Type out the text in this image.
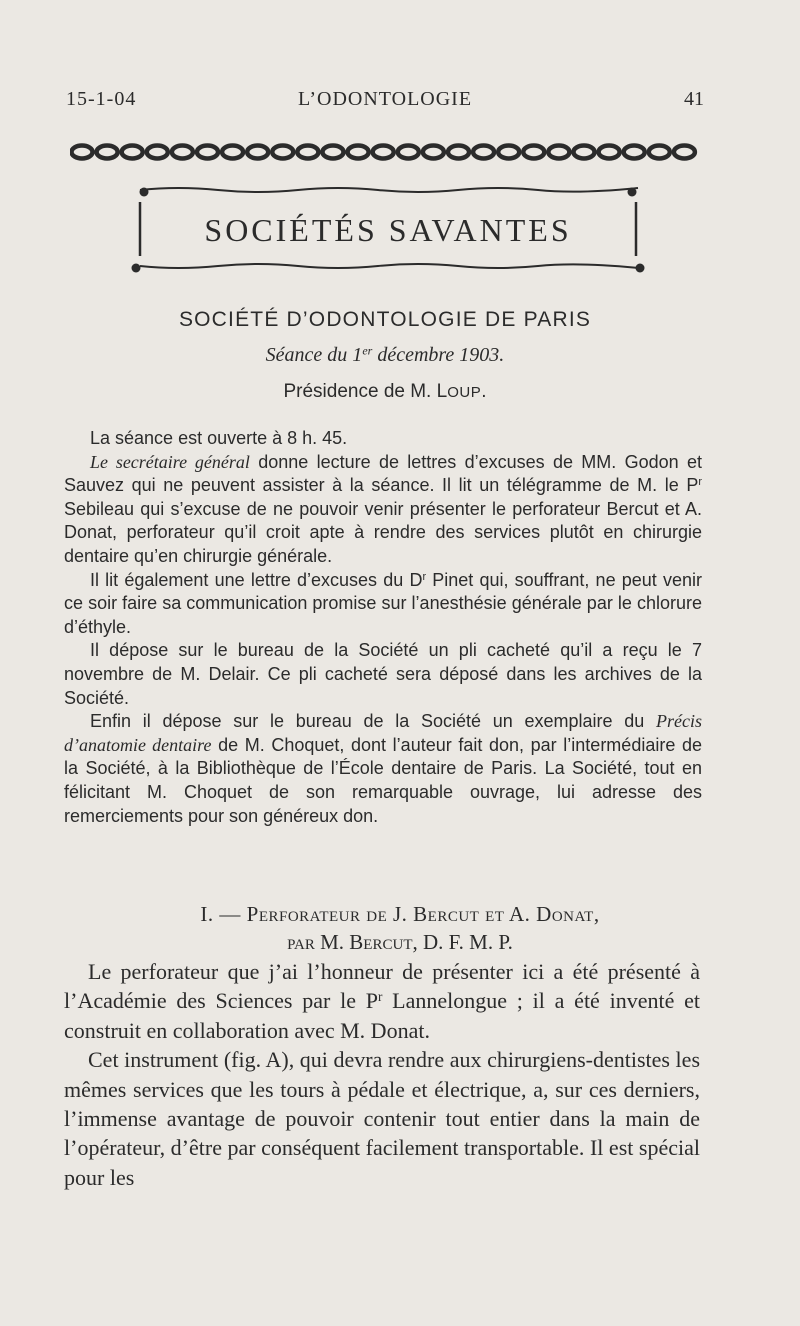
15-1-04	L’ODONTOLOGIE	41
SOCIÉTÉS SAVANTES
SOCIÉTÉ D’ODONTOLOGIE DE PARIS
Séance du 1er décembre 1903.
Présidence de M. LOUP.

La séance est ouverte à 8 h. 45.

Le secrétaire général donne lecture de lettres d’excuses de MM. Godon et Sauvez qui ne peuvent assister à la séance. Il lit un télégramme de M. le $P^r$ Sebileau qui s’excuse de ne pouvoir venir présenter le perforateur Bercut et A. Donat, perforateur qu’il croit apte à rendre des services plutôt en chirurgie dentaire qu’en chirurgie générale.

Il lit également une lettre d’excuses du $D^r$ Pinet qui, souffrant, ne peut venir ce soir faire sa communication promise sur l’anesthésie générale par le chlorure d’éthyle.

Il dépose sur le bureau de la Société un pli cacheté qu’il a reçu le 7 novembre de M. Delair. Ce pli cacheté sera déposé dans les archives de la Société.

Enfin il dépose sur le bureau de la Société un exemplaire du Précis d’anatomie dentaire de M. Choquet, dont l’auteur fait don, par l’intermédiaire de la Société, à la Bibliothèque de l’École dentaire de Paris. La Société, tout en félicitant M. Choquet de son remarquable ouvrage, lui adresse des remerciements pour son généreux don.

I. — Perforateur de J. Bercut et A. Donat,
par M. Bercut, D. F. M. P.

Le perforateur que j’ai l’honneur de présenter ici a été présenté à l’Académie des Sciences par le $P^r$ Lannelongue ; il a été inventé et construit en collaboration avec M. Donat.

Cet instrument (fig. A), qui devra rendre aux chirurgiens-dentistes les mêmes services que les tours à pédale et électrique, a, sur ces derniers, l’immense avantage de pouvoir contenir tout entier dans la main de l’opérateur, d’être par conséquent facilement transportable. Il est spécial pour les
